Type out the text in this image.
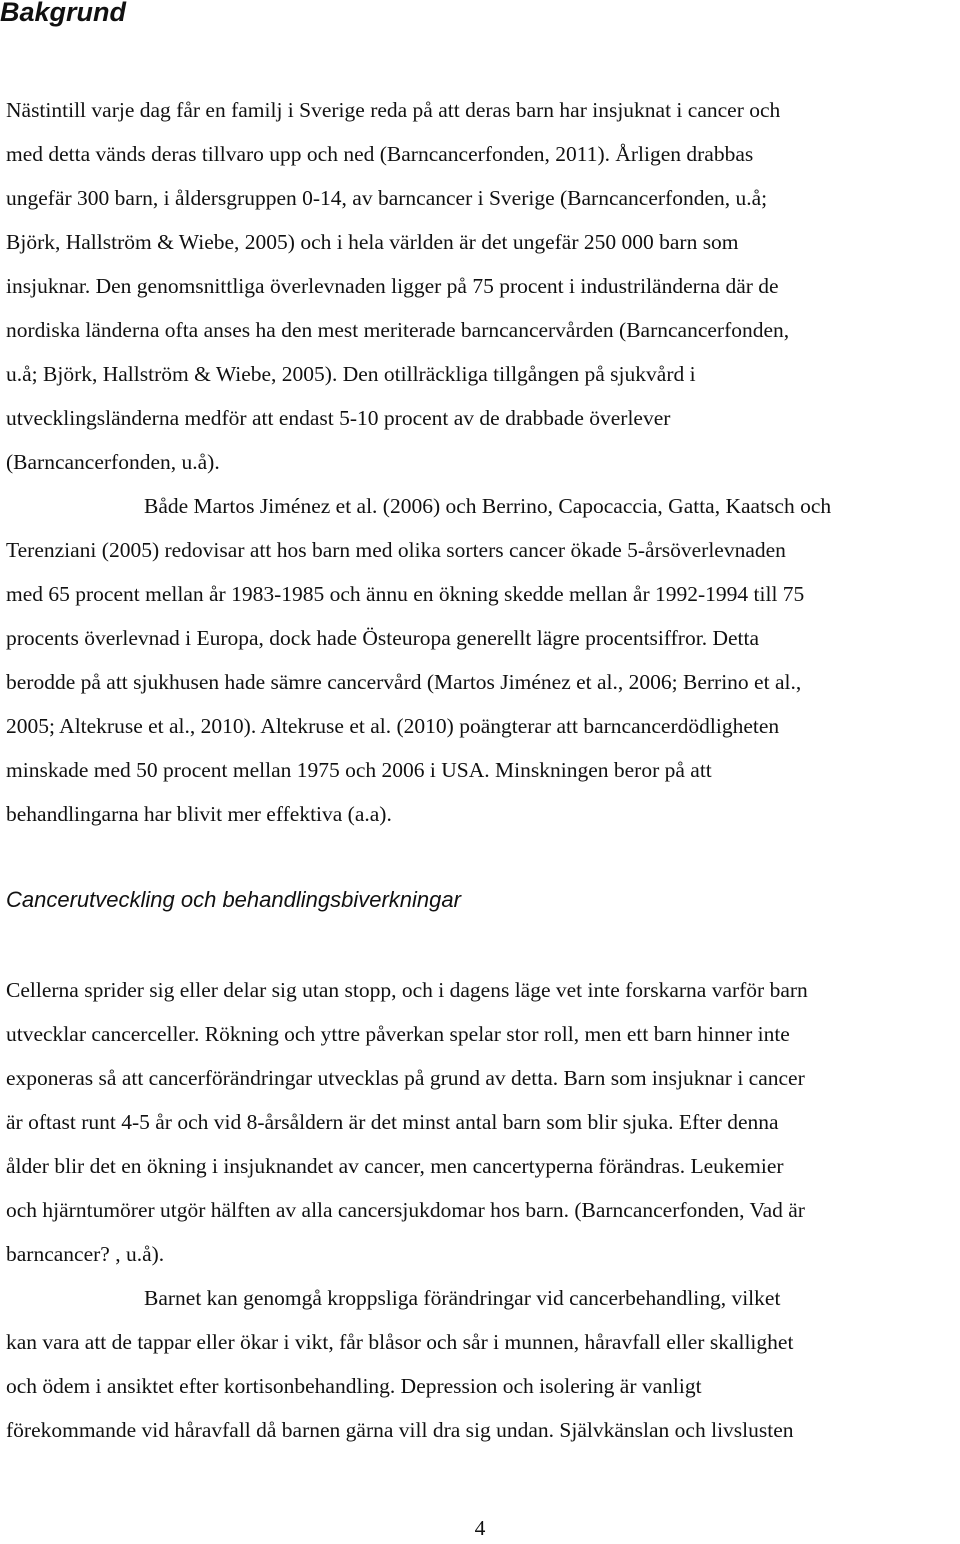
Bakgrund
Nästintill varje dag får en familj i Sverige reda på att deras barn har insjuknat i cancer och
med detta vänds deras tillvaro upp och ned (Barncancerfonden, 2011). Årligen drabbas
ungefär 300 barn, i åldersgruppen 0-14, av barncancer i Sverige (Barncancerfonden, u.å;
Björk, Hallström & Wiebe, 2005) och i hela världen är det ungefär 250 000 barn som
insjuknar. Den genomsnittliga överlevnaden ligger på 75 procent i industriländerna där de
nordiska länderna ofta anses ha den mest meriterade barncancervården (Barncancerfonden,
u.å; Björk, Hallström & Wiebe, 2005). Den otillräckliga tillgången på sjukvård i
utvecklingsländerna medför att endast 5-10 procent av de drabbade överlever
(Barncancerfonden, u.å).
Både Martos Jiménez et al. (2006) och Berrino, Capocaccia, Gatta, Kaatsch och
Terenziani (2005) redovisar att hos barn med olika sorters cancer ökade 5-årsöverlevnaden
med 65 procent mellan år 1983-1985 och ännu en ökning skedde mellan år 1992-1994 till 75
procents överlevnad i Europa, dock hade Östeuropa generellt lägre procentsiffror. Detta
berodde på att sjukhusen hade sämre cancervård (Martos Jiménez et al., 2006; Berrino et al.,
2005; Altekruse et al., 2010). Altekruse et al. (2010) poängterar att barncancerdödligheten
minskade med 50 procent mellan 1975 och 2006 i USA. Minskningen beror på att
behandlingarna har blivit mer effektiva (a.a).
Cancerutveckling och behandlingsbiverkningar
Cellerna sprider sig eller delar sig utan stopp, och i dagens läge vet inte forskarna varför barn
utvecklar cancerceller. Rökning och yttre påverkan spelar stor roll, men ett barn hinner inte
exponeras så att cancerförändringar utvecklas på grund av detta. Barn som insjuknar i cancer
är oftast runt 4-5 år och vid 8-årsåldern är det minst antal barn som blir sjuka. Efter denna
ålder blir det en ökning i insjuknandet av cancer, men cancertyperna förändras. Leukemier
och hjärntumörer utgör hälften av alla cancersjukdomar hos barn. (Barncancerfonden, Vad är
barncancer? , u.å).
Barnet kan genomgå kroppsliga förändringar vid cancerbehandling, vilket
kan vara att de tappar eller ökar i vikt, får blåsor och sår i munnen, håravfall eller skallighet
och ödem i ansiktet efter kortisonbehandling. Depression och isolering är vanligt
förekommande vid håravfall då barnen gärna vill dra sig undan. Självkänslan och livslusten
4
